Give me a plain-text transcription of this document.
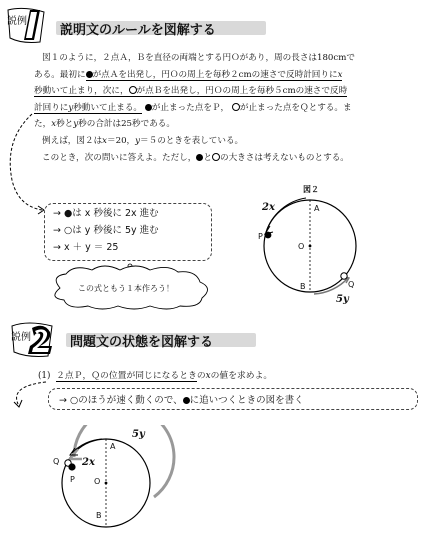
説 例
説明文のルールを図解する
図１のように，２点Ａ，Ｂを直径の両端とする円Ｏがあり，周の長さは180cmで
ある。最初に が点Ａを出発し，円Ｏの周上を毎秒２cmの速さで反時計回りにx
秒動いて止まり，次に， が点Ｂを出発し，円Ｏの周上を毎秒５cmの速さで反時
計回りにy秒動いて止まる。 が止まった点をＰ， が止まった点をＱとする。ま
た，x秒とy秒の合計は25秒である。
例えば，図２はx＝20，y＝５のときを表している。
このとき，次の問いに答えよ。ただし， と の大きさは考えないものとする。
→ ●は x 秒後に 2x 進む
→ ○は y 秒後に 5y 進む
→ x ＋ y ＝ 25
この式ともう１本作ろう！
図２
A
O
B
P
Q
2x
5y
説 例	問題文の状態を図解する
(1) ２点Ｐ，Ｑの位置が同じになるときのxの値を求めよ。
→ ○のほうが速く動くので、 に追いつくときの図を書く
A
O
B
Q
P
2x
5y
